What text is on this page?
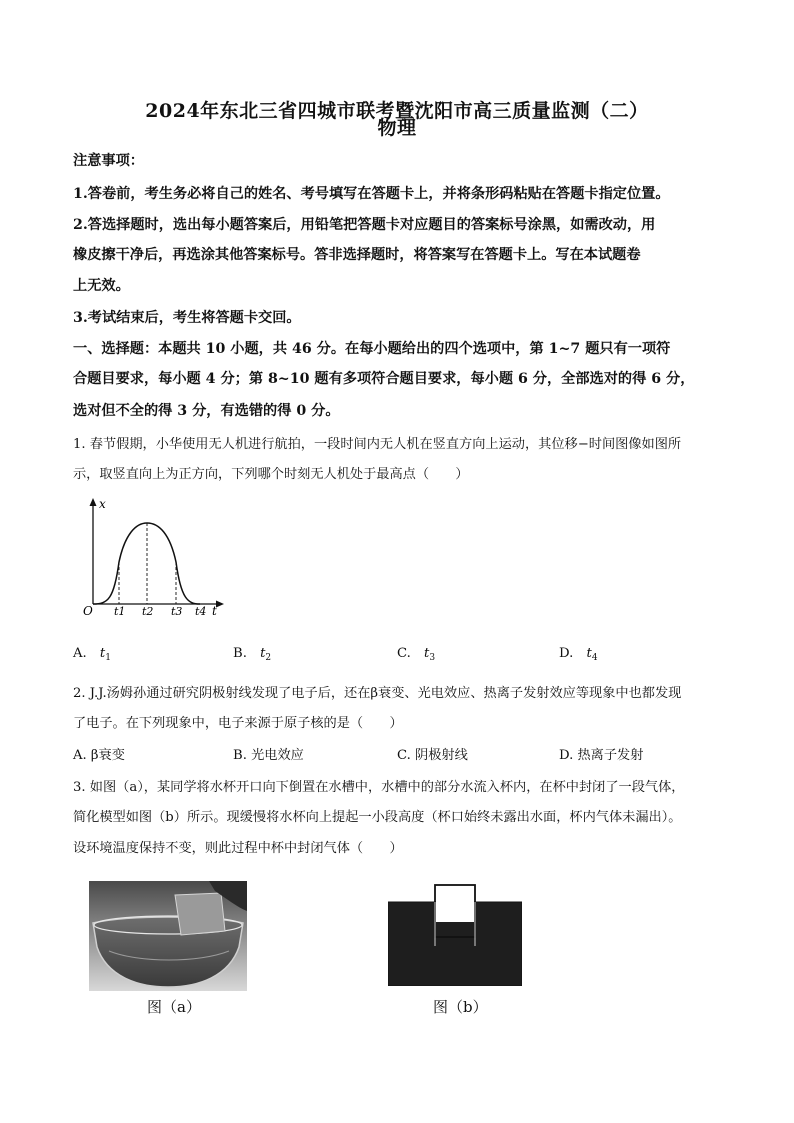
2024年东北三省四城市联考暨沈阳市高三质量监测（二）
物理
注意事项：
1.答卷前，考生务必将自己的姓名、考号填写在答题卡上，并将条形码粘贴在答题卡指定位置。
2.答选择题时，选出每小题答案后，用铅笔把答题卡对应题目的答案标号涂黑，如需改动，用
橡皮擦干净后，再选涂其他答案标号。答非选择题时，将答案写在答题卡上。写在本试题卷
上无效。
3.考试结束后，考生将答题卡交回。
一、选择题：本题共 10 小题，共 46 分。在每小题给出的四个选项中，第 1~7 题只有一项符
合题目要求，每小题 4 分；第 8~10 题有多项符合题目要求，每小题 6 分，全部选对的得 6 分，
选对但不全的得 3 分，有选错的得 0 分。
1. 春节假期，小华使用无人机进行航拍，一段时间内无人机在竖直方向上运动，其位移−时间图像如图所
示，取竖直向上为正方向，下列哪个时刻无人机处于最高点（　　）
x
t
O t1 t2 t3 t4
A. $t_1$	B. $t_2$	C. $t_3$	D. $t_4$
2. J.J.汤姆孙通过研究阴极射线发现了电子后，还在β衰变、光电效应、热离子发射效应等现象中也都发现
了电子。在下列现象中，电子来源于原子核的是（　　）
A. β衰变	B. 光电效应	C. 阴极射线	D. 热离子发射
3. 如图（a），某同学将水杯开口向下倒置在水槽中，水槽中的部分水流入杯内，在杯中封闭了一段气体，
简化模型如图（b）所示。现缓慢将水杯向上提起一小段高度（杯口始终未露出水面，杯内气体未漏出）。
设环境温度保持不变，则此过程中杯中封闭气体（　　）
图（a）	图（b）
